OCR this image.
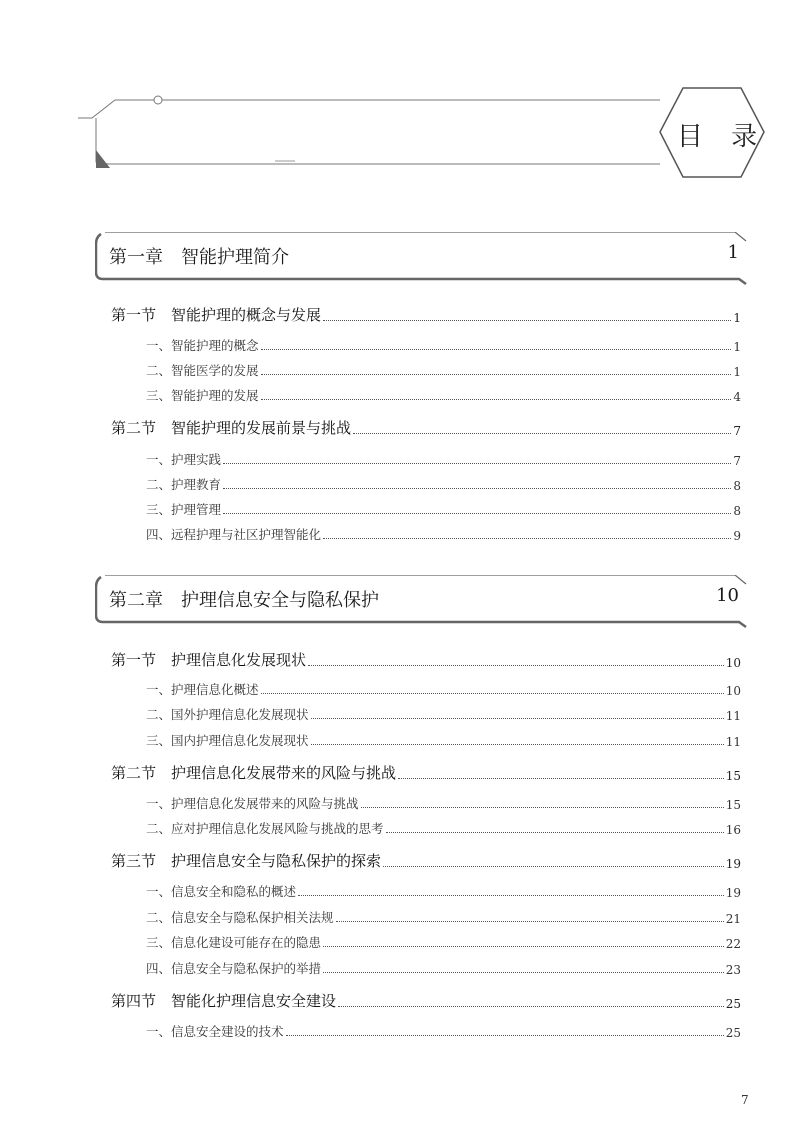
目 录
第一章　智能护理简介	1
第一节　智能护理的概念与发展	1
一、智能护理的概念	1
二、智能医学的发展	1
三、智能护理的发展	4
第二节　智能护理的发展前景与挑战	7
一、护理实践	7
二、护理教育	8
三、护理管理	8
四、远程护理与社区护理智能化	9
第二章　护理信息安全与隐私保护	10
第一节　护理信息化发展现状	10
一、护理信息化概述	10
二、国外护理信息化发展现状	11
三、国内护理信息化发展现状	11
第二节　护理信息化发展带来的风险与挑战	15
一、护理信息化发展带来的风险与挑战	15
二、应对护理信息化发展风险与挑战的思考	16
第三节　护理信息安全与隐私保护的探索	19
一、信息安全和隐私的概述	19
二、信息安全与隐私保护相关法规	21
三、信息化建设可能存在的隐患	22
四、信息安全与隐私保护的举措	23
第四节　智能化护理信息安全建设	25
一、信息安全建设的技术	25
7
